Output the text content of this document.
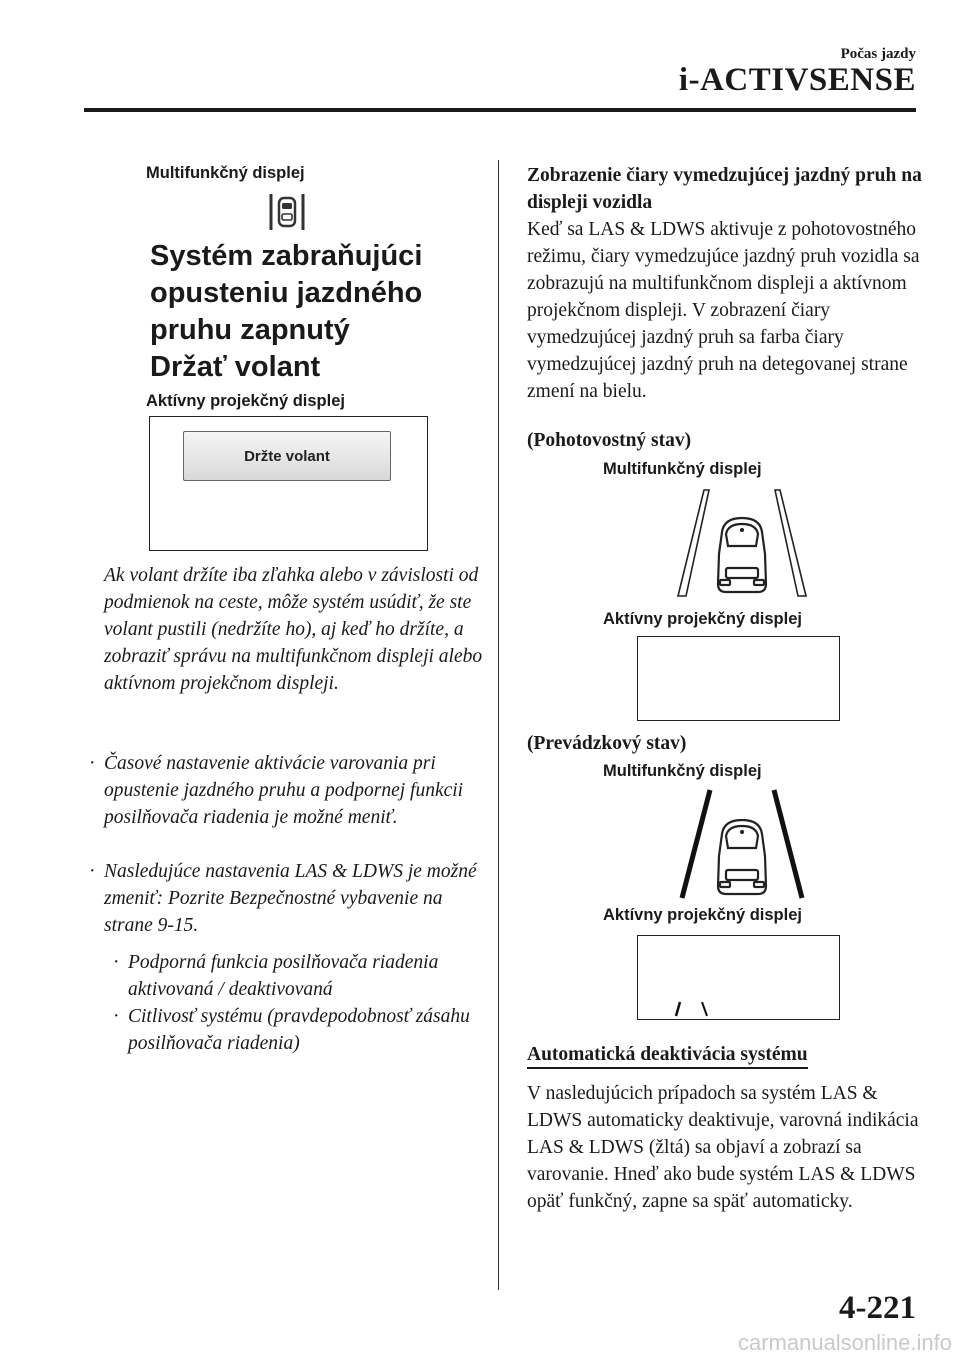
Počas jazdy
i-ACTIVSENSE
Multifunkčný displej
Systém zabraňujúci
opusteniu jazdného
pruhu zapnutý
Držať volant
Aktívny projekčný displej
Držte volant
Ak volant držíte iba zľahka alebo v závislosti od podmienok na ceste, môže systém usúdiť, že ste volant pustili (nedržíte ho), aj keď ho držíte, a zobraziť správu na multifunkčnom displeji alebo aktívnom projekčnom displeji.
· Časové nastavenie aktivácie varovania pri opustenie jazdného pruhu a podpornej funkcii posilňovača riadenia je možné meniť.
· Nasledujúce nastavenia LAS & LDWS je možné zmeniť: Pozrite Bezpečnostné vybavenie na strane 9-15.
· Podporná funkcia posilňovača riadenia aktivovaná / deaktivovaná
· Citlivosť systému (pravdepodobnosť zásahu posilňovača riadenia)
Zobrazenie čiary vymedzujúcej jazdný pruh na displeji vozidla
Keď sa LAS & LDWS aktivuje z pohotovostného režimu, čiary vymedzujúce jazdný pruh vozidla sa zobrazujú na multifunkčnom displeji a aktívnom projekčnom displeji. V zobrazení čiary vymedzujúcej jazdný pruh sa farba čiary vymedzujúcej jazdný pruh na detegovanej strane zmení na bielu.
(Pohotovostný stav)
Multifunkčný displej
Aktívny projekčný displej
(Prevádzkový stav)
Multifunkčný displej
Aktívny projekčný displej
Automatická deaktivácia systému
V nasledujúcich prípadoch sa systém LAS & LDWS automaticky deaktivuje, varovná indikácia LAS & LDWS (žltá) sa objaví a zobrazí sa varovanie. Hneď ako bude systém LAS & LDWS opäť funkčný, zapne sa späť automaticky.
4-221
carmanualsonline.info
